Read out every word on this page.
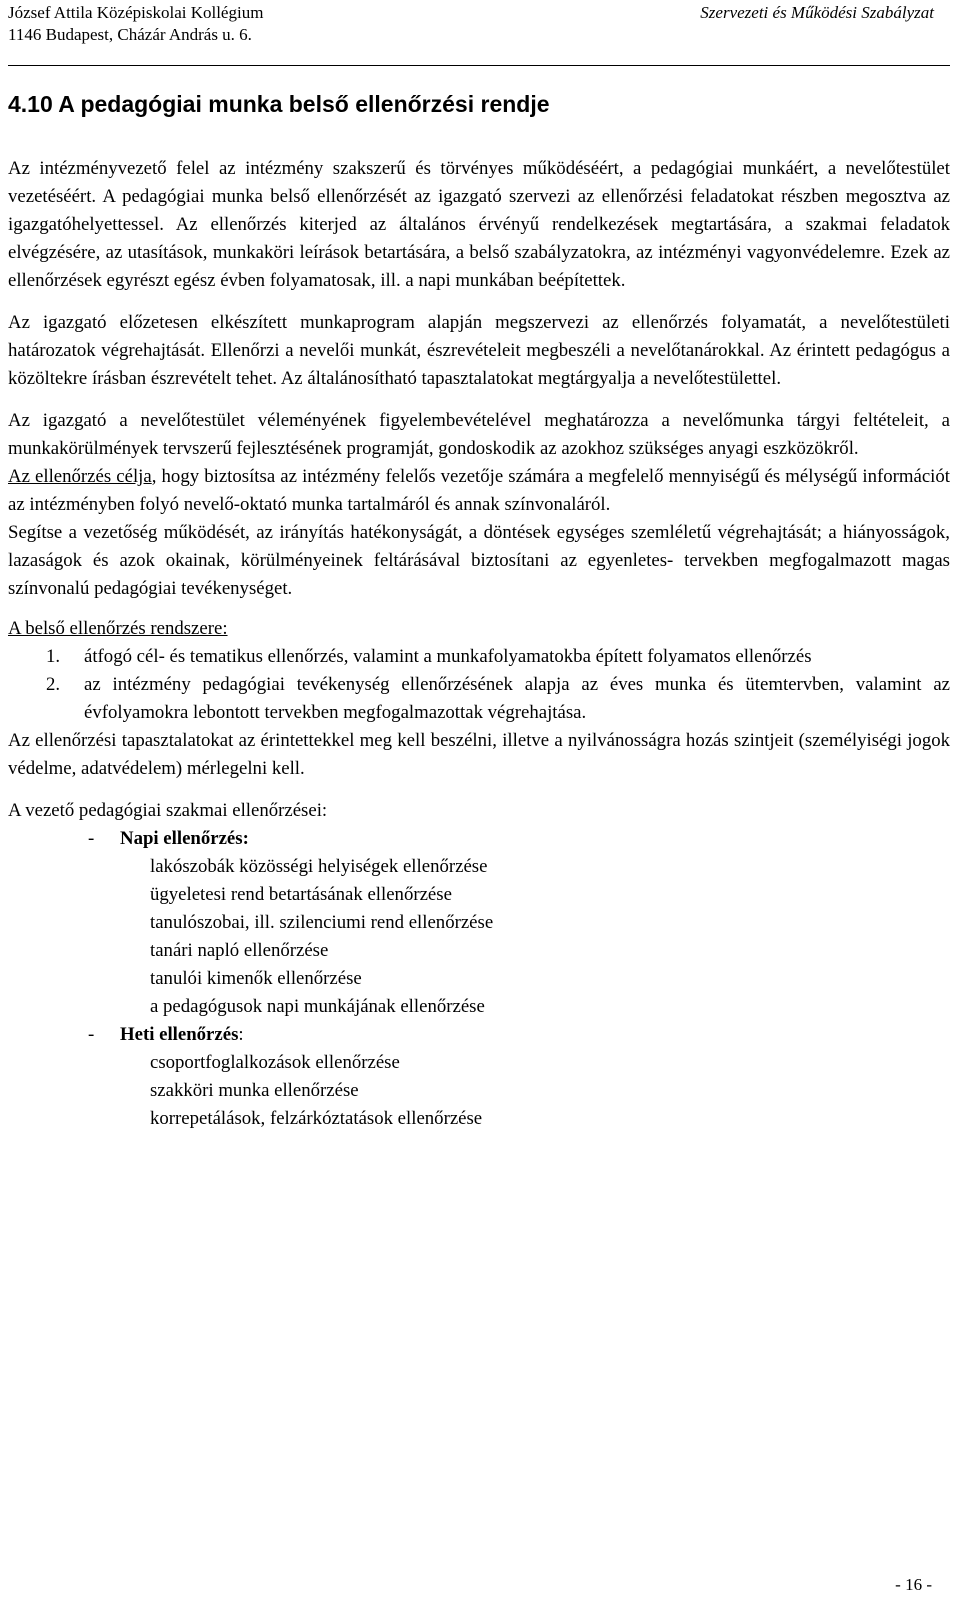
József Attila Középiskolai Kollégium	Szervezeti és Működési Szabályzat
1146 Budapest, Cházár András u. 6.
4.10 A pedagógiai munka belső ellenőrzési rendje

Az intézményvezető felel az intézmény szakszerű és törvényes működéséért, a pedagógiai munkáért, a nevelőtestület vezetéséért. A pedagógiai munka belső ellenőrzését az igazgató szervezi az ellenőrzési feladatokat részben megosztva az igazgatóhelyettessel. Az ellenőrzés kiterjed az általános érvényű rendelkezések megtartására, a szakmai feladatok elvégzésére, az utasítások, munkaköri leírások betartására, a belső szabályzatokra, az intézményi vagyonvédelemre. Ezek az ellenőrzések egyrészt egész évben folyamatosak, ill. a napi munkában beépítettek.

Az igazgató előzetesen elkészített munkaprogram alapján megszervezi az ellenőrzés folyamatát, a nevelőtestületi határozatok végrehajtását. Ellenőrzi a nevelői munkát, észrevételeit megbeszéli a nevelőtanárokkal. Az érintett pedagógus a közöltekre írásban észrevételt tehet. Az általánosítható tapasztalatokat megtárgyalja a nevelőtestülettel.

Az igazgató a nevelőtestület véleményének figyelembevételével meghatározza a nevelőmunka tárgyi feltételeit, a munkakörülmények tervszerű fejlesztésének programját, gondoskodik az azokhoz szükséges anyagi eszközökről.

Az ellenőrzés célja, hogy biztosítsa az intézmény felelős vezetője számára a megfelelő mennyiségű és mélységű információt az intézményben folyó nevelő-oktató munka tartalmáról és annak színvonaláról.

Segítse a vezetőség működését, az irányítás hatékonyságát, a döntések egységes szemléletű végrehajtását; a hiányosságok, lazaságok és azok okainak, körülményeinek feltárásával biztosítani az egyenletes- tervekben megfogalmazott magas színvonalú pedagógiai tevékenységet.

A belső ellenőrzés rendszere:

1.	átfogó cél- és tematikus ellenőrzés, valamint a munkafolyamatokba épített folyamatos ellenőrzés
2.	az intézmény pedagógiai tevékenység ellenőrzésének alapja az éves munka és ütemtervben, valamint az évfolyamokra lebontott tervekben megfogalmazottak végrehajtása.

Az ellenőrzési tapasztalatokat az érintettekkel meg kell beszélni, illetve a nyilvánosságra hozás szintjeit (személyiségi jogok védelme, adatvédelem) mérlegelni kell.

A vezető pedagógiai szakmai ellenőrzései:

-	Napi ellenőrzés:
lakószobák közösségi helyiségek ellenőrzése
ügyeletesi rend betartásának ellenőrzése
tanulószobai, ill. szilenciumi rend ellenőrzése
tanári napló ellenőrzése
tanulói kimenők ellenőrzése
a pedagógusok napi munkájának ellenőrzése
-	Heti ellenőrzés:
csoportfoglalkozások ellenőrzése
szakköri munka ellenőrzése
korrepetálások, felzárkóztatások ellenőrzése
- 16 -
